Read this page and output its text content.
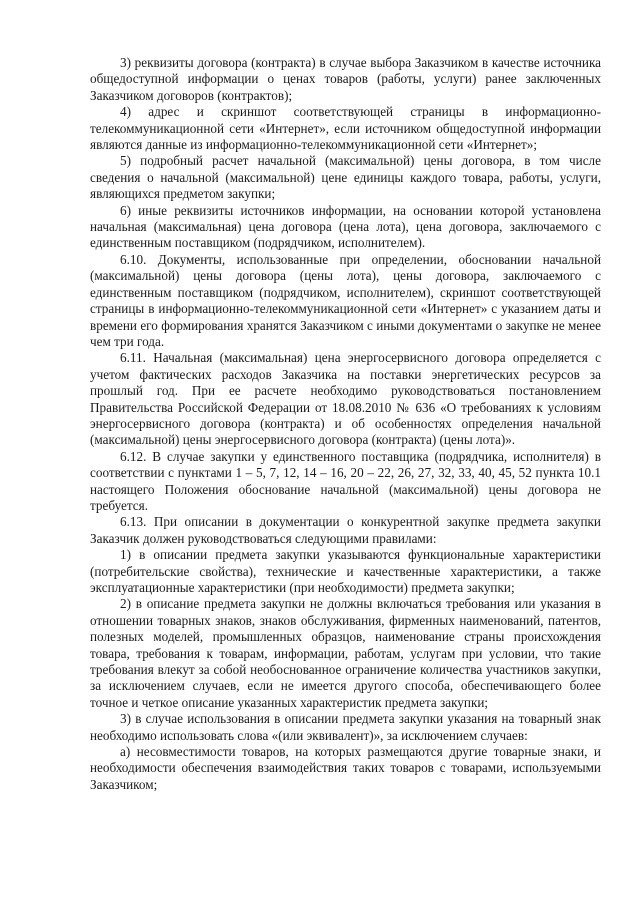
3) реквизиты договора (контракта) в случае выбора Заказчиком в качестве источника общедоступной информации о ценах товаров (работы, услуги) ранее заключенных Заказчиком договоров (контрактов);

4) адрес и скриншот соответствующей страницы в информационно-телекоммуникационной сети «Интернет», если источником общедоступной информации являются данные из информационно-телекоммуникационной сети «Интернет»;

5) подробный расчет начальной (максимальной) цены договора, в том числе сведения о начальной (максимальной) цене единицы каждого товара, работы, услуги, являющихся предметом закупки;

6) иные реквизиты источников информации, на основании которой установлена начальная (максимальная) цена договора (цена лота), цена договора, заключаемого с единственным поставщиком (подрядчиком, исполнителем).

6.10. Документы, использованные при определении, обосновании начальной (максимальной) цены договора (цены лота), цены договора, заключаемого с единственным поставщиком (подрядчиком, исполнителем), скриншот соответствующей страницы в информационно-телекоммуникационной сети «Интернет» с указанием даты и времени его формирования хранятся Заказчиком с иными документами о закупке не менее чем три года.

6.11. Начальная (максимальная) цена энергосервисного договора определяется с учетом фактических расходов Заказчика на поставки энергетических ресурсов за прошлый год. При ее расчете необходимо руководствоваться постановлением Правительства Российской Федерации от 18.08.2010 № 636 «О требованиях к условиям энергосервисного договора (контракта) и об особенностях определения начальной (максимальной) цены энергосервисного договора (контракта) (цены лота)».

6.12. В случае закупки у единственного поставщика (подрядчика, исполнителя) в соответствии с пунктами 1 – 5, 7, 12, 14 – 16, 20 – 22, 26, 27, 32, 33, 40, 45, 52 пункта 10.1 настоящего Положения обоснование начальной (максимальной) цены договора не требуется.

6.13. При описании в документации о конкурентной закупке предмета закупки Заказчик должен руководствоваться следующими правилами:

1) в описании предмета закупки указываются функциональные характеристики (потребительские свойства), технические и качественные характеристики, а также эксплуатационные характеристики (при необходимости) предмета закупки;

2) в описание предмета закупки не должны включаться требования или указания в отношении товарных знаков, знаков обслуживания, фирменных наименований, патентов, полезных моделей, промышленных образцов, наименование страны происхождения товара, требования к товарам, информации, работам, услугам при условии, что такие требования влекут за собой необоснованное ограничение количества участников закупки, за исключением случаев, если не имеется другого способа, обеспечивающего более точное и четкое описание указанных характеристик предмета закупки;

3) в случае использования в описании предмета закупки указания на товарный знак необходимо использовать слова «(или эквивалент)», за исключением случаев:

а) несовместимости товаров, на которых размещаются другие товарные знаки, и необходимости обеспечения взаимодействия таких товаров с товарами, используемыми Заказчиком;
